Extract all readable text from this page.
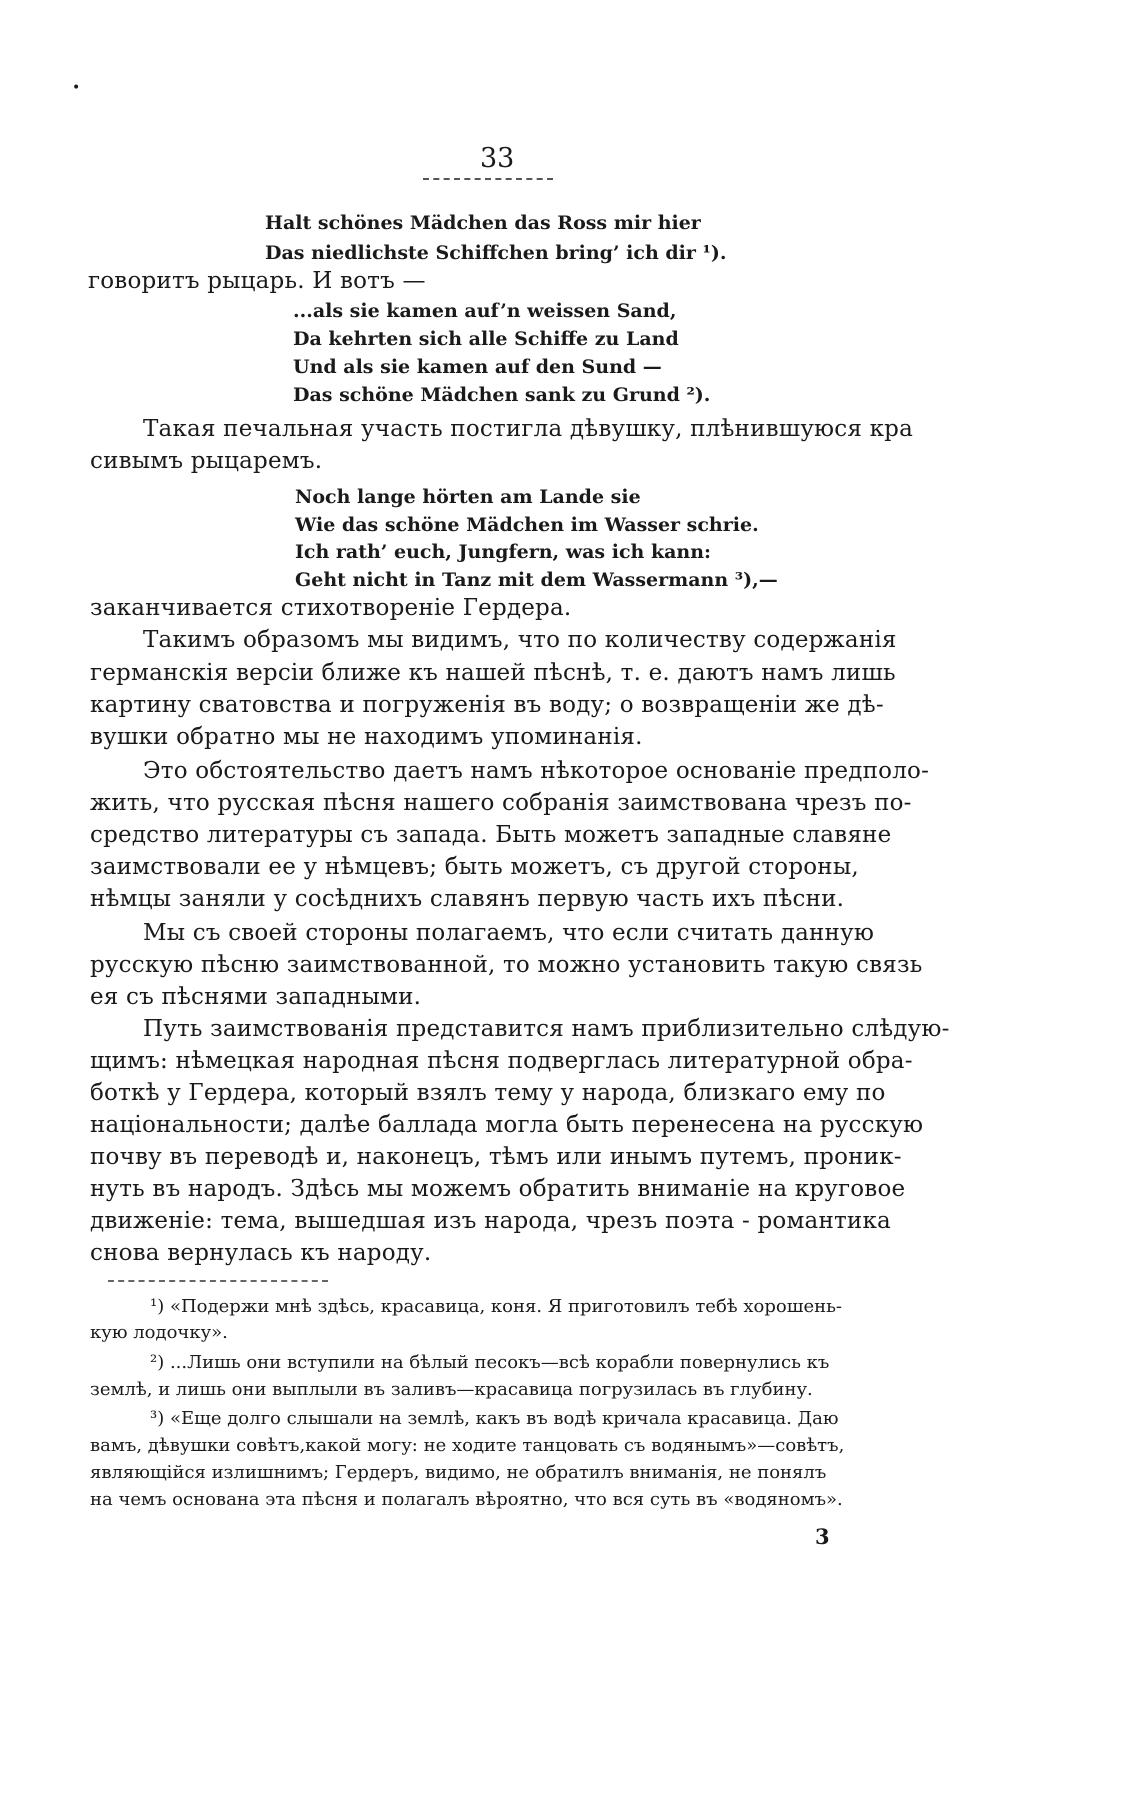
•
33
Halt schönes Mädchen das Ross mir hier
Das niedlichste Schiffchen bring’ ich dir ¹).
говоритъ рыцарь. И вотъ —
...als sie kamen auf’n weissen Sand,
Da kehrten sich alle Schiffe zu Land
Und als sie kamen auf den Sund —
Das schöne Mädchen sank zu Grund ²).
Такая печальная участь постигла дѣвушку, плѣнившуюся кра
сивымъ рыцаремъ.
Noch lange hörten am Lande sie
Wie das schöne Mädchen im Wasser schrie.
Ich rath’ euch, Jungfern, was ich kann:
Geht nicht in Tanz mit dem Wassermann ³),—
заканчивается стихотвореніе Гердера.
Такимъ образомъ мы видимъ, что по количеству содержанія
германскія версіи ближе къ нашей пѣснѣ, т. е. даютъ намъ лишь
картину сватовства и погруженія въ воду; о возвращеніи же дѣ-
вушки обратно мы не находимъ упоминанія.
Это обстоятельство даетъ намъ нѣкоторое основаніе предполо-
жить, что русская пѣсня нашего собранія заимствована чрезъ по-
средство литературы съ запада. Быть можетъ западные славяне
заимствовали ее у нѣмцевъ; быть можетъ, съ другой стороны,
нѣмцы заняли у сосѣднихъ славянъ первую часть ихъ пѣсни.
Мы съ своей стороны полагаемъ, что если считать данную
русскую пѣсню заимствованной, то можно установить такую связь
ея съ пѣснями западными.
Путь заимствованія представится намъ приблизительно слѣдую-
щимъ: нѣмецкая народная пѣсня подверглась литературной обра-
боткѣ у Гердера, который взялъ тему у народа, близкаго ему по
національности; далѣе баллада могла быть перенесена на русскую
почву въ переводѣ и, наконецъ, тѣмъ или инымъ путемъ, проник-
нуть въ народъ. Здѣсь мы можемъ обратить вниманіе на круговое
движеніе: тема, вышедшая изъ народа, чрезъ поэта - романтика
снова вернулась къ народу.
¹) «Подержи мнѣ здѣсь, красавица, коня. Я приготовилъ тебѣ хорошень-
кую лодочку».
²) ...Лишь они вступили на бѣлый песокъ—всѣ корабли повернулись къ
землѣ, и лишь они выплыли въ заливъ—красавица погрузилась въ глубину.
³) «Еще долго слышали на землѣ, какъ въ водѣ кричала красавица. Даю
вамъ, дѣвушки совѣтъ,какой могу: не ходите танцовать съ водянымъ»—совѣтъ,
являющійся излишнимъ; Гердеръ, видимо, не обратилъ вниманія, не понялъ
на чемъ основана эта пѣсня и полагалъ вѣроятно, что вся суть въ «водяномъ».
3
